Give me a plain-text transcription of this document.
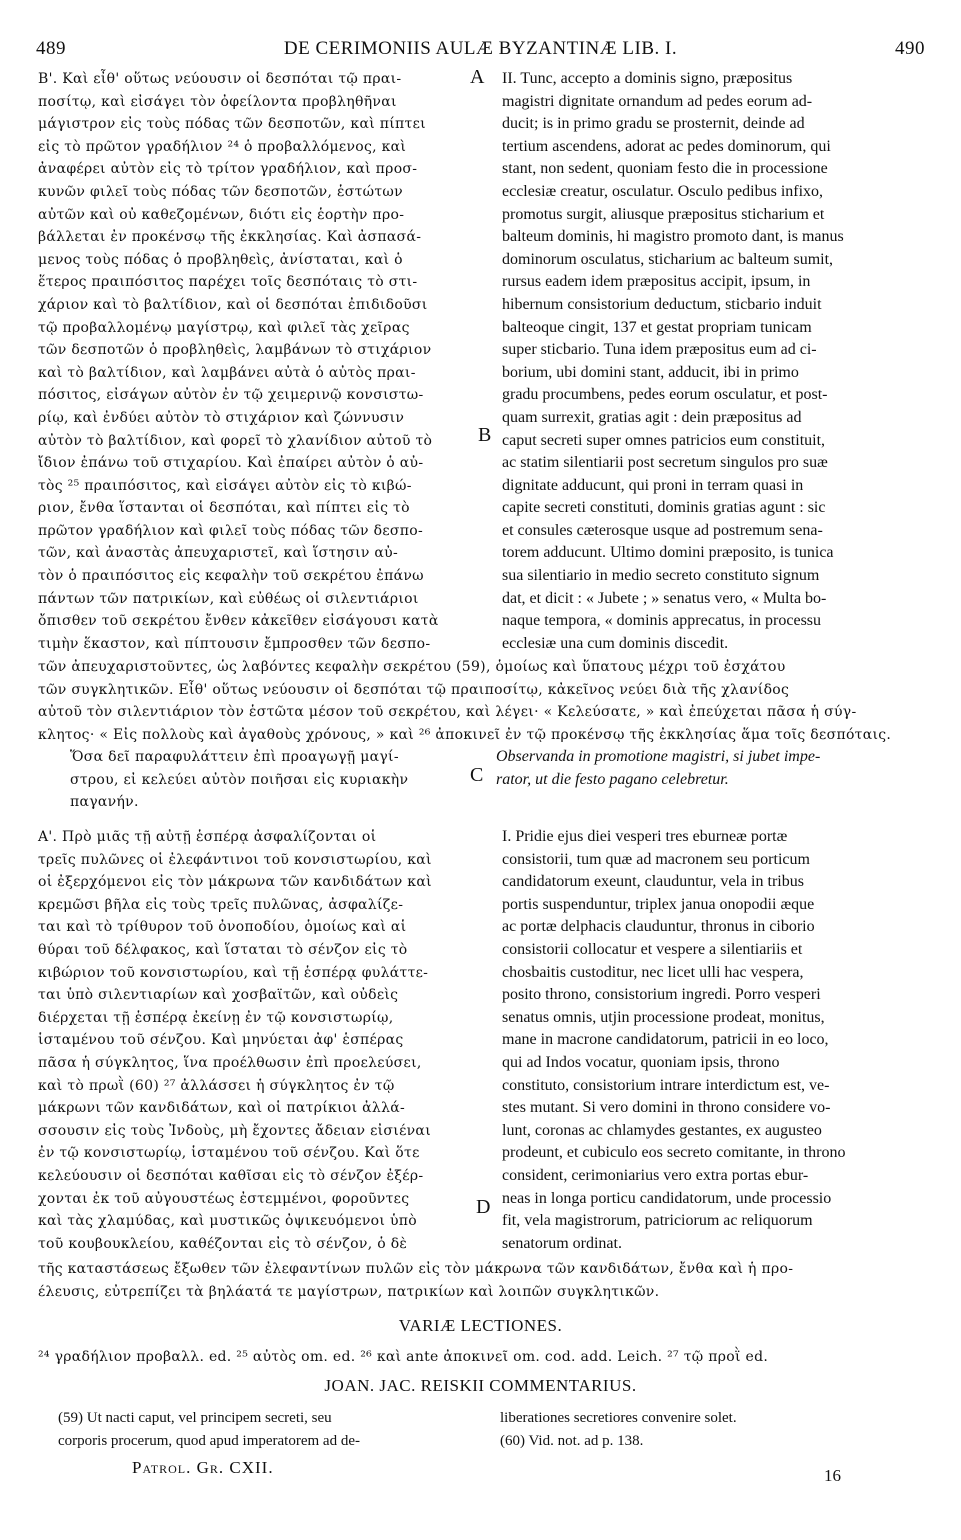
489	DE CERIMONIIS AULÆ BYZANTINÆ LIB. I.	490
Β'. Καὶ εἶθ' οὕτως νεύουσιν οἱ δεσπόται τῷ πραι-
ποσίτῳ, καὶ εἰσάγει τὸν ὀφείλοντα προβληθῆναι
μάγιστρον εἰς τοὺς πόδας τῶν δεσποτῶν, καὶ πίπτει
εἰς τὸ πρῶτον γραδήλιον ²⁴ ὁ προβαλλόμενος, καὶ
ἀναφέρει αὐτὸν εἰς τὸ τρίτον γραδήλιον, καὶ προσ-
κυνῶν φιλεῖ τοὺς πόδας τῶν δεσποτῶν, ἑστώτων
αὐτῶν καὶ οὐ καθεζομένων, διότι εἰς ἑορτὴν προ-
βάλλεται ἐν προκένσῳ τῆς ἐκκλησίας. Καὶ ἀσπασά-
μενος τοὺς πόδας ὁ προβληθεὶς, ἀνίσταται, καὶ ὁ
ἕτερος πραιπόσιτος παρέχει τοῖς δεσπόταις τὸ στι-
χάριον καὶ τὸ βαλτίδιον, καὶ οἱ δεσπόται ἐπιδιδοῦσι
τῷ προβαλλομένῳ μαγίστρῳ, καὶ φιλεῖ τὰς χεῖρας
τῶν δεσποτῶν ὁ προβληθεὶς, λαμβάνων τὸ στιχάριον
καὶ τὸ βαλτίδιον, καὶ λαμβάνει αὐτὰ ὁ αὐτὸς πραι-
πόσιτος, εἰσάγων αὐτὸν ἐν τῷ χειμερινῷ κονσιστω-
ρίῳ, καὶ ἐνδύει αὐτὸν τὸ στιχάριον καὶ ζώννυσιν
αὐτὸν τὸ βαλτίδιον, καὶ φορεῖ τὸ χλανίδιον αὐτοῦ τὸ
ἴδιον ἐπάνω τοῦ στιχαρίου. Καὶ ἐπαίρει αὐτὸν ὁ αὐ-
τὸς ²⁵ πραιπόσιτος, καὶ εἰσάγει αὐτὸν εἰς τὸ κιβώ-
ριον, ἔνθα ἵστανται οἱ δεσπόται, καὶ πίπτει εἰς τὸ
πρῶτον γραδήλιον καὶ φιλεῖ τοὺς πόδας τῶν δεσπο-
τῶν, καὶ ἀναστὰς ἀπευχαριστεῖ, καὶ ἵστησιν αὐ-
τὸν ὁ πραιπόσιτος εἰς κεφαλὴν τοῦ σεκρέτου ἐπάνω
πάντων τῶν πατρικίων, καὶ εὐθέως οἱ σιλεντιάριοι
ὄπισθεν τοῦ σεκρέτου ἔνθεν κἀκεῖθεν εἰσάγουσι κατὰ
τιμὴν ἕκαστον, καὶ πίπτουσιν ἔμπροσθεν τῶν δεσπο-
II. Tunc, accepto a dominis signo, præpositus
magistri dignitate ornandum ad pedes eorum ad-
ducit; is in primo gradu se prosternit, deinde ad
tertium ascendens, adorat ac pedes dominorum, qui
stant, non sedent, quoniam festo die in processione
ecclesiæ creatur, osculatur. Osculo pedibus infixo,
promotus surgit, aliusque præpositus sticharium et
balteum dominis, hi magistro promoto dant, is manus
dominorum osculatus, sticharium ac balteum sumit,
rursus eadem idem præpositus accipit, ipsum, in
hibernum consistorium deductum, sticbario induit
balteoque cingit, 137 et gestat propriam tunicam
super sticbario. Tuna idem præpositus eum ad ci-
borium, ubi domini stant, adducit, ibi in primo
gradu procumbens, pedes eorum osculatur, et post-
quam surrexit, gratias agit : dein præpositus ad
caput secreti super omnes patricios eum constituit,
ac statim silentiarii post secretum singulos pro suæ
dignitate adducunt, qui proni in terram quasi in
capite secreti constituti, dominis gratias agunt : sic
et consules cæterosque usque ad postremum sena-
torem adducunt. Ultimo domini præposito, is tunica
sua silentiario in medio secreto constituto signum
dat, et dicit : « Jubete ; » senatus vero, « Multa bo-
naque tempora, « dominis apprecatus, in processu
ecclesiæ una cum dominis discedit.
A
B
C
D
τῶν ἀπευχαριστοῦντες, ὡς λαβόντες κεφαλὴν σεκρέτου (59), ὁμοίως καὶ ὕπατους μέχρι τοῦ ἐσχάτου
τῶν συγκλητικῶν. Εἶθ' οὕτως νεύουσιν οἱ δεσπόται τῷ πραιποσίτῳ, κἀκεῖνος νεύει διὰ τῆς χλανίδος
αὐτοῦ τὸν σιλεντιάριον τὸν ἑστῶτα μέσον τοῦ σεκρέτου, καὶ λέγει· « Κελεύσατε, » καὶ ἐπεύχεται πᾶσα ἡ σύγ-
κλητος· « Εἰς πολλοὺς καὶ ἀγαθοὺς χρόνους, » καὶ ²⁶ ἀποκινεῖ ἐν τῷ προκένσῳ τῆς ἐκκλησίας ἅμα τοῖς δεσπόταις.
Ὅσα δεῖ παραφυλάττειν ἐπὶ προαγωγῇ μαγί-
στρου, εἰ κελεύει αὐτὸν ποιῆσαι εἰς κυριακὴν
παγανήν.
Observanda in promotione magistri, si jubet impe-
rator, ut die festo pagano celebretur.
Α'. Πρὸ μιᾶς τῇ αὐτῇ ἑσπέρᾳ ἀσφαλίζονται οἱ
τρεῖς πυλῶνες οἱ ἐλεφάντινοι τοῦ κονσιστωρίου, καὶ
οἱ ἐξερχόμενοι εἰς τὸν μάκρωνα τῶν κανδιδάτων καὶ
κρεμῶσι βῆλα εἰς τοὺς τρεῖς πυλῶνας, ἀσφαλίζε-
ται καὶ τὸ τρίθυρον τοῦ ὀνοποδίου, ὁμοίως καὶ αἱ
θύραι τοῦ δέλφακος, καὶ ἵσταται τὸ σένζον εἰς τὸ
κιβώριον τοῦ κονσιστωρίου, καὶ τῇ ἑσπέρᾳ φυλάττε-
ται ὑπὸ σιλεντιαρίων καὶ χοσβαϊτῶν, καὶ οὐδεὶς
διέρχεται τῇ ἑσπέρᾳ ἐκείνῃ ἐν τῷ κονσιστωρίῳ,
ἱσταμένου τοῦ σένζου. Καὶ μηνύεται ἀφ' ἑσπέρας
πᾶσα ἡ σύγκλητος, ἵνα προέλθωσιν ἐπὶ προελεύσει,
καὶ τὸ πρωῒ (60) ²⁷ ἀλλάσσει ἡ σύγκλητος ἐν τῷ
μάκρωνι τῶν κανδιδάτων, καὶ οἱ πατρίκιοι ἀλλά-
σσουσιν εἰς τοὺς Ἰνδοὺς, μὴ ἔχοντες ἄδειαν εἰσιέναι
ἐν τῷ κονσιστωρίῳ, ἱσταμένου τοῦ σένζου. Καὶ ὅτε
κελεύουσιν οἱ δεσπόται καθῖσαι εἰς τὸ σένζον ἐξέρ-
χονται ἐκ τοῦ αὐγουστέως ἐστεμμένοι, φοροῦντες
καὶ τὰς χλαμύδας, καὶ μυστικῶς ὀψικευόμενοι ὑπὸ
τοῦ κουβουκλείου, καθέζονται εἰς τὸ σένζον, ὁ δὲ
I. Pridie ejus diei vesperi tres eburneæ portæ
consistorii, tum quæ ad macronem seu porticum
candidatorum exeunt, clauduntur, vela in tribus
portis suspenduntur, triplex janua onopodii æque
ac portæ delphacis clauduntur, thronus in ciborio
consistorii collocatur et vespere a silentiariis et
chosbaitis custoditur, nec licet ulli hac vespera,
posito throno, consistorium ingredi. Porro vesperi
senatus omnis, utjin processione prodeat, monitus,
mane in macrone candidatorum, patricii in eo loco,
qui ad Indos vocatur, quoniam ipsis, throno
constituto, consistorium intrare interdictum est, ve-
stes mutant. Si vero domini in throno considere vo-
lunt, coronas ac chlamydes gestantes, ex augusteo
prodeunt, et cubiculo eos secreto comitante, in throno
consident, cerimoniarius vero extra portas ebur-
neas in longa porticu candidatorum, unde processio
fit, vela magistrorum, patriciorum ac reliquorum
senatorum ordinat.
τῆς καταστάσεως ἔξωθεν τῶν ἐλεφαντίνων πυλῶν εἰς τὸν μάκρωνα τῶν κανδιδάτων, ἔνθα καὶ ἡ προ-
έλευσις, εὐτρεπίζει τὰ βηλάατά τε μαγίστρων, πατρικίων καὶ λοιπῶν συγκλητικῶν.
VARIÆ LECTIONES.
²⁴ γραδήλιον προβαλλ. ed. ²⁵ αὐτὸς om. ed. ²⁶ καὶ ante ἀποκινεῖ om. cod. add. Leich. ²⁷ τῷ προῒ ed.
JOAN. JAC. REISKII COMMENTARIUS.
(59) Ut nacti caput, vel principem secreti, seu
corporis procerum, quod apud imperatorem ad de-
liberationes secretiores convenire solet.
(60) Vid. not. ad p. 138.
Patrol. Gr. CXII.	16
